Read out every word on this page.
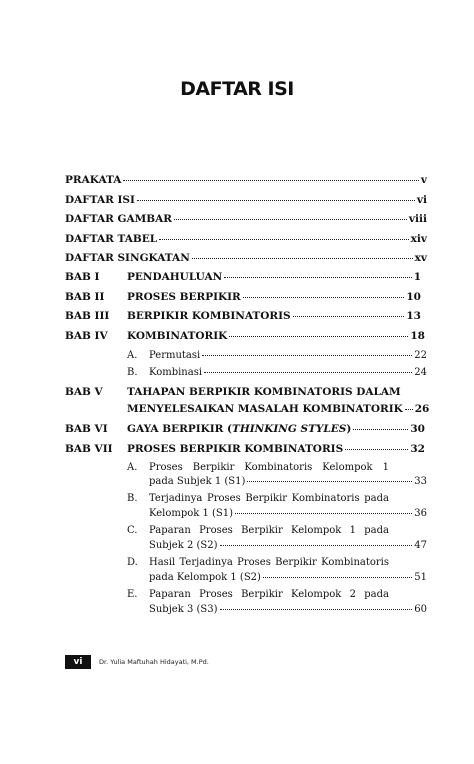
DAFTAR ISI
PRAKATA	v
DAFTAR ISI	vi
DAFTAR GAMBAR	viii
DAFTAR TABEL	xiv
DAFTAR SINGKATAN	xv
BAB I	PENDAHULUAN	1
BAB II PROSES BERPIKIR	10
BAB III BERPIKIR KOMBINATORIS	13
BAB IV KOMBINATORIK	18
A. Permutasi	22
B. Kombinasi	24
BAB V TAHAPAN BERPIKIR KOMBINATORIS DALAM
MENYELESAIKAN MASALAH KOMBINATORIK 26
BAB VI GAYA BERPIKIR (THINKING STYLES)	30
BAB VII PROSES BERPIKIR KOMBINATORIS	32
A. Proses Berpikir Kombinatoris Kelompok 1
pada Subjek 1 (S1)	33
B. Terjadinya Proses Berpikir Kombinatoris pada
Kelompok 1 (S1)	36
C. Paparan Proses Berpikir Kelompok 1 pada
Subjek 2 (S2)	47
D. Hasil Terjadinya Proses Berpikir Kombinatoris
pada Kelompok 1 (S2)	51
E. Paparan Proses Berpikir Kelompok 2 pada
Subjek 3 (S3)	60
vi	Dr. Yulia Maftuhah Hidayati, M.Pd.
